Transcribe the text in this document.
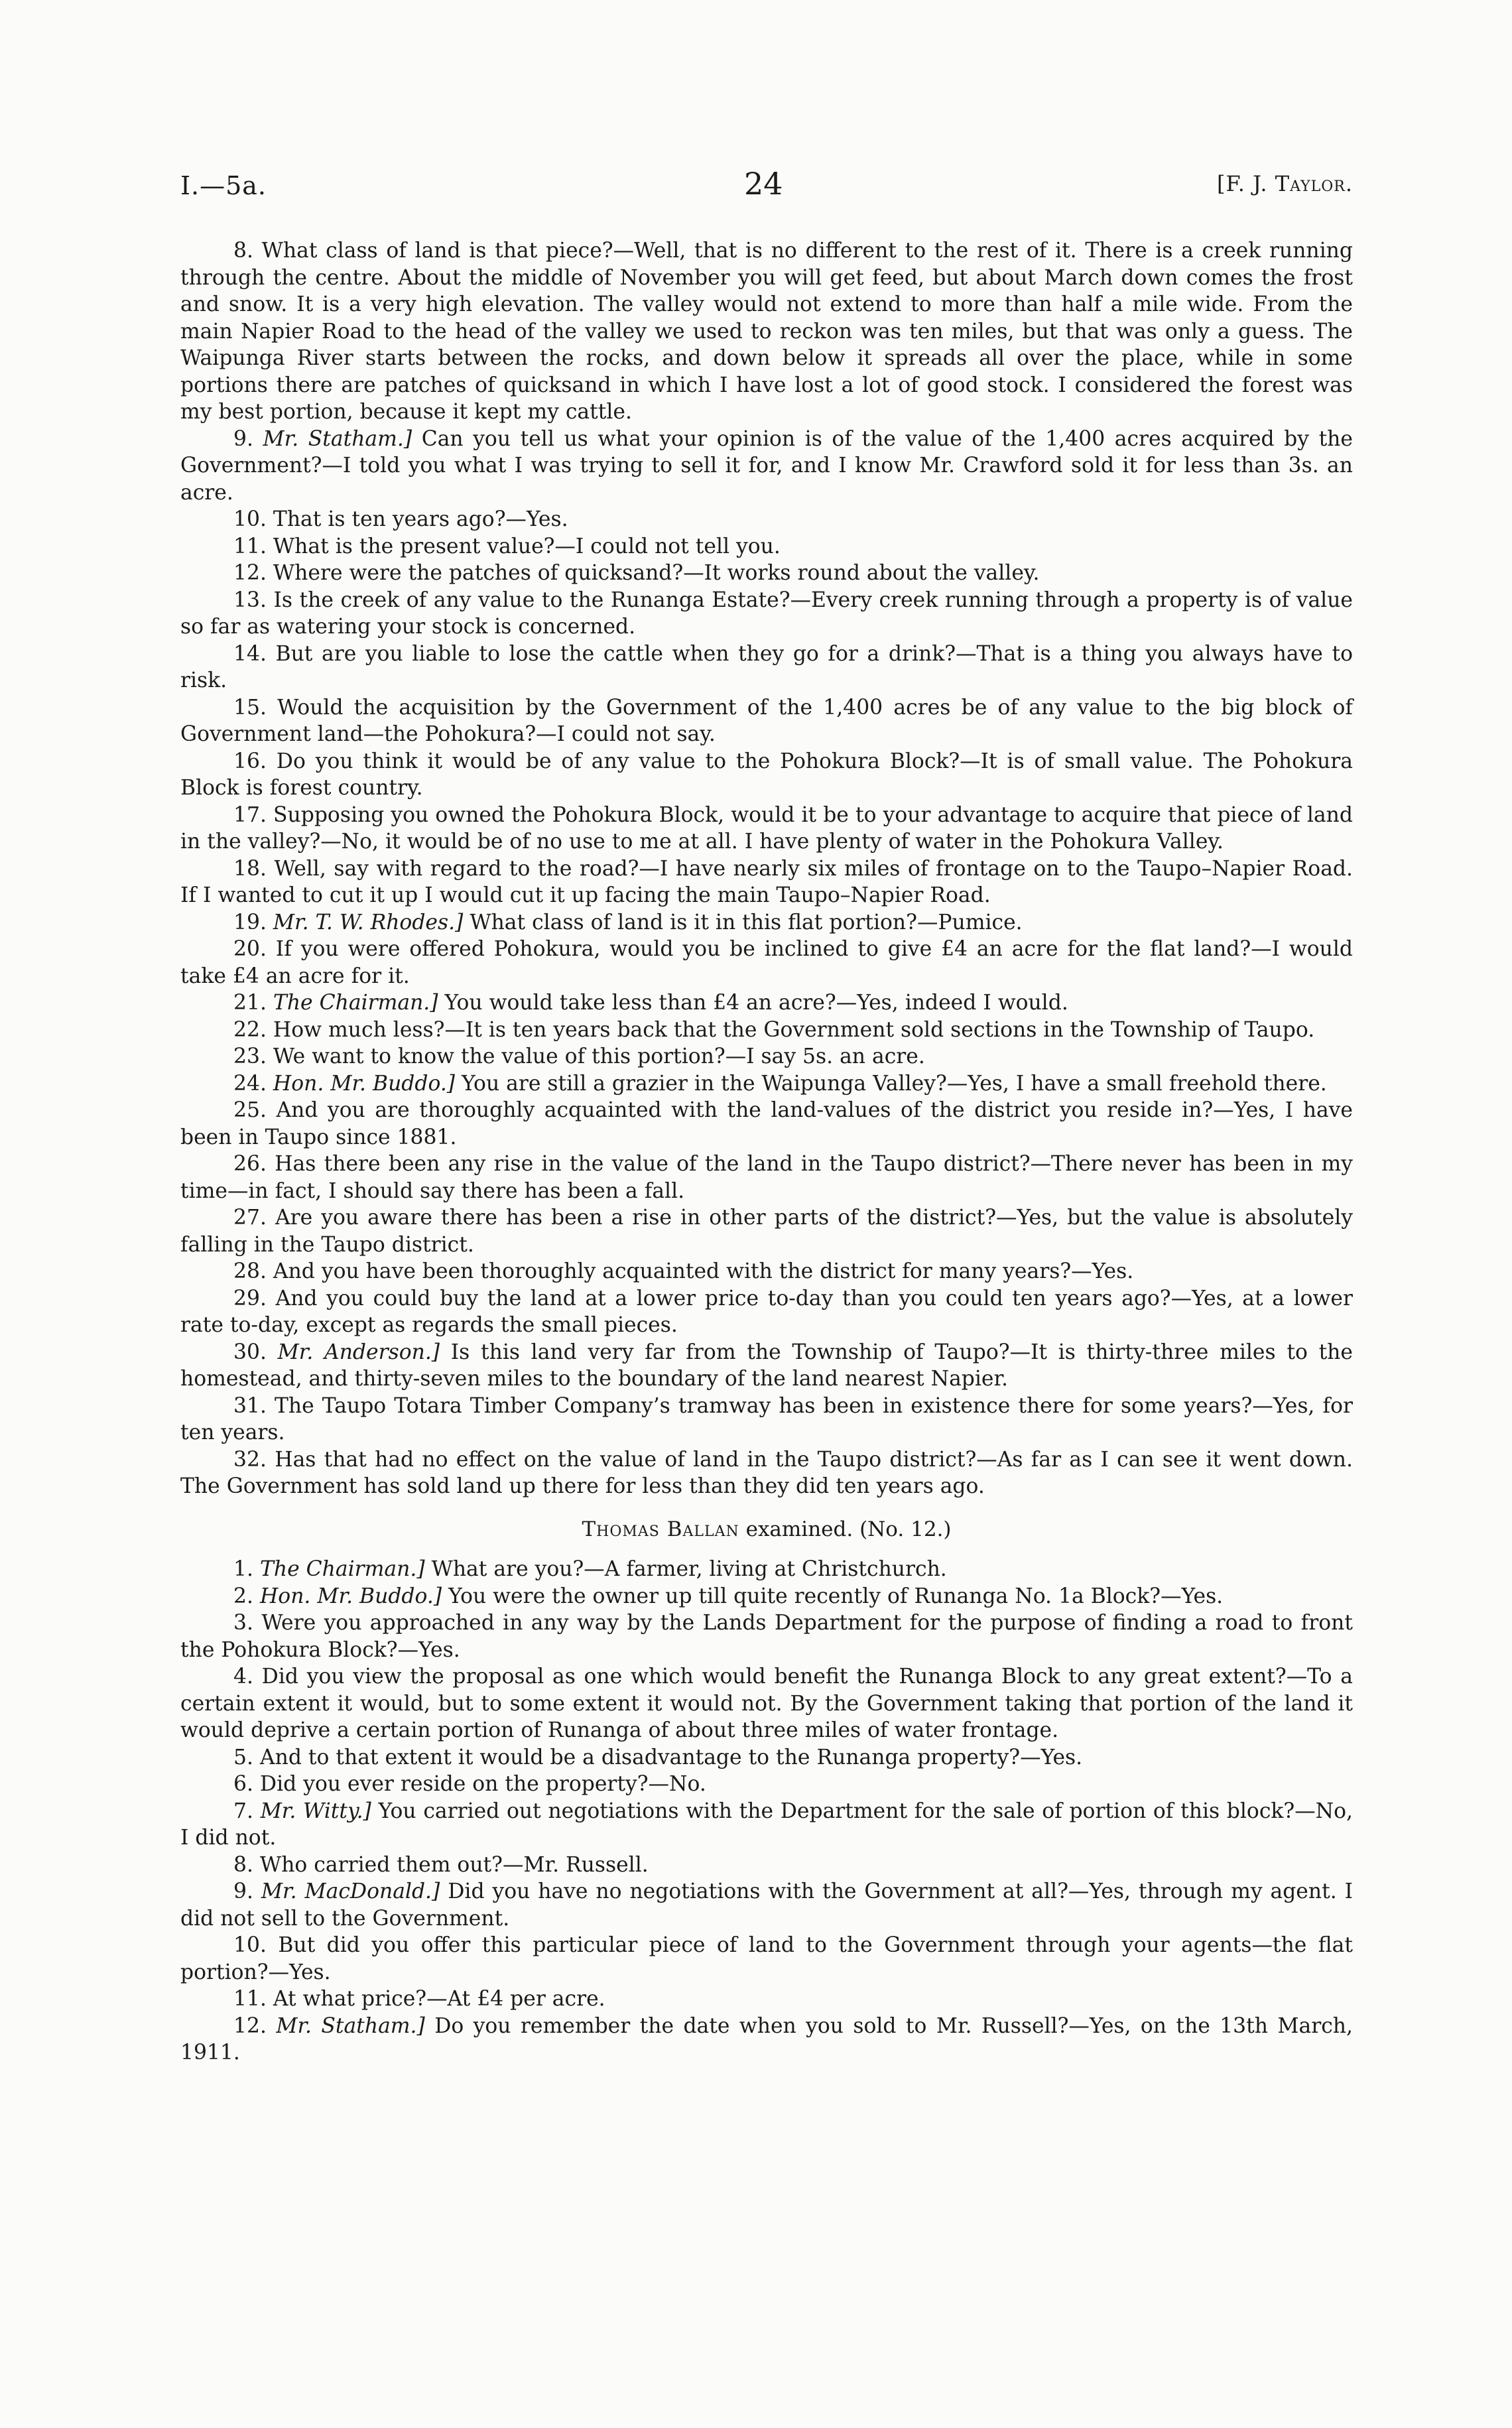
I.—5a.	24	[F. J. Taylor.

8. What class of land is that piece?—Well, that is no different to the rest of it. There is a creek running through the centre. About the middle of November you will get feed, but about March down comes the frost and snow. It is a very high elevation. The valley would not extend to more than half a mile wide. From the main Napier Road to the head of the valley we used to reckon was ten miles, but that was only a guess. The Waipunga River starts between the rocks, and down below it spreads all over the place, while in some portions there are patches of quicksand in which I have lost a lot of good stock. I considered the forest was my best portion, because it kept my cattle.

9. Mr. Statham.] Can you tell us what your opinion is of the value of the 1,400 acres acquired by the Government?—I told you what I was trying to sell it for, and I know Mr. Crawford sold it for less than 3s. an acre.

10. That is ten years ago?—Yes.

11. What is the present value?—I could not tell you.

12. Where were the patches of quicksand?—It works round about the valley.

13. Is the creek of any value to the Runanga Estate?—Every creek running through a property is of value so far as watering your stock is concerned.

14. But are you liable to lose the cattle when they go for a drink?—That is a thing you always have to risk.

15. Would the acquisition by the Government of the 1,400 acres be of any value to the big block of Government land—the Pohokura?—I could not say.

16. Do you think it would be of any value to the Pohokura Block?—It is of small value. The Pohokura Block is forest country.

17. Supposing you owned the Pohokura Block, would it be to your advantage to acquire that piece of land in the valley?—No, it would be of no use to me at all. I have plenty of water in the Pohokura Valley.

18. Well, say with regard to the road?—I have nearly six miles of frontage on to the Taupo–Napier Road. If I wanted to cut it up I would cut it up facing the main Taupo–Napier Road.

19. Mr. T. W. Rhodes.] What class of land is it in this flat portion?—Pumice.

20. If you were offered Pohokura, would you be inclined to give £4 an acre for the flat land?—I would take £4 an acre for it.

21. The Chairman.] You would take less than £4 an acre?—Yes, indeed I would.

22. How much less?—It is ten years back that the Government sold sections in the Township of Taupo.

23. We want to know the value of this portion?—I say 5s. an acre.

24. Hon. Mr. Buddo.] You are still a grazier in the Waipunga Valley?—Yes, I have a small freehold there.

25. And you are thoroughly acquainted with the land-values of the district you reside in?—Yes, I have been in Taupo since 1881.

26. Has there been any rise in the value of the land in the Taupo district?—There never has been in my time—in fact, I should say there has been a fall.

27. Are you aware there has been a rise in other parts of the district?—Yes, but the value is absolutely falling in the Taupo district.

28. And you have been thoroughly acquainted with the district for many years?—Yes.

29. And you could buy the land at a lower price to-day than you could ten years ago?—Yes, at a lower rate to-day, except as regards the small pieces.

30. Mr. Anderson.] Is this land very far from the Township of Taupo?—It is thirty-three miles to the homestead, and thirty-seven miles to the boundary of the land nearest Napier.

31. The Taupo Totara Timber Company’s tramway has been in existence there for some years?—Yes, for ten years.

32. Has that had no effect on the value of land in the Taupo district?—As far as I can see it went down. The Government has sold land up there for less than they did ten years ago.

Thomas Ballan examined. (No. 12.)

1. The Chairman.] What are you?—A farmer, living at Christchurch.

2. Hon. Mr. Buddo.] You were the owner up till quite recently of Runanga No. 1a Block?—Yes.

3. Were you approached in any way by the Lands Department for the purpose of finding a road to front the Pohokura Block?—Yes.

4. Did you view the proposal as one which would benefit the Runanga Block to any great extent?—To a certain extent it would, but to some extent it would not. By the Government taking that portion of the land it would deprive a certain portion of Runanga of about three miles of water frontage.

5. And to that extent it would be a disadvantage to the Runanga property?—Yes.

6. Did you ever reside on the property?—No.

7. Mr. Witty.] You carried out negotiations with the Department for the sale of portion of this block?—No, I did not.

8. Who carried them out?—Mr. Russell.

9. Mr. MacDonald.] Did you have no negotiations with the Government at all?—Yes, through my agent. I did not sell to the Government.

10. But did you offer this particular piece of land to the Government through your agents—the flat portion?—Yes.

11. At what price?—At £4 per acre.

12. Mr. Statham.] Do you remember the date when you sold to Mr. Russell?—Yes, on the 13th March, 1911.
